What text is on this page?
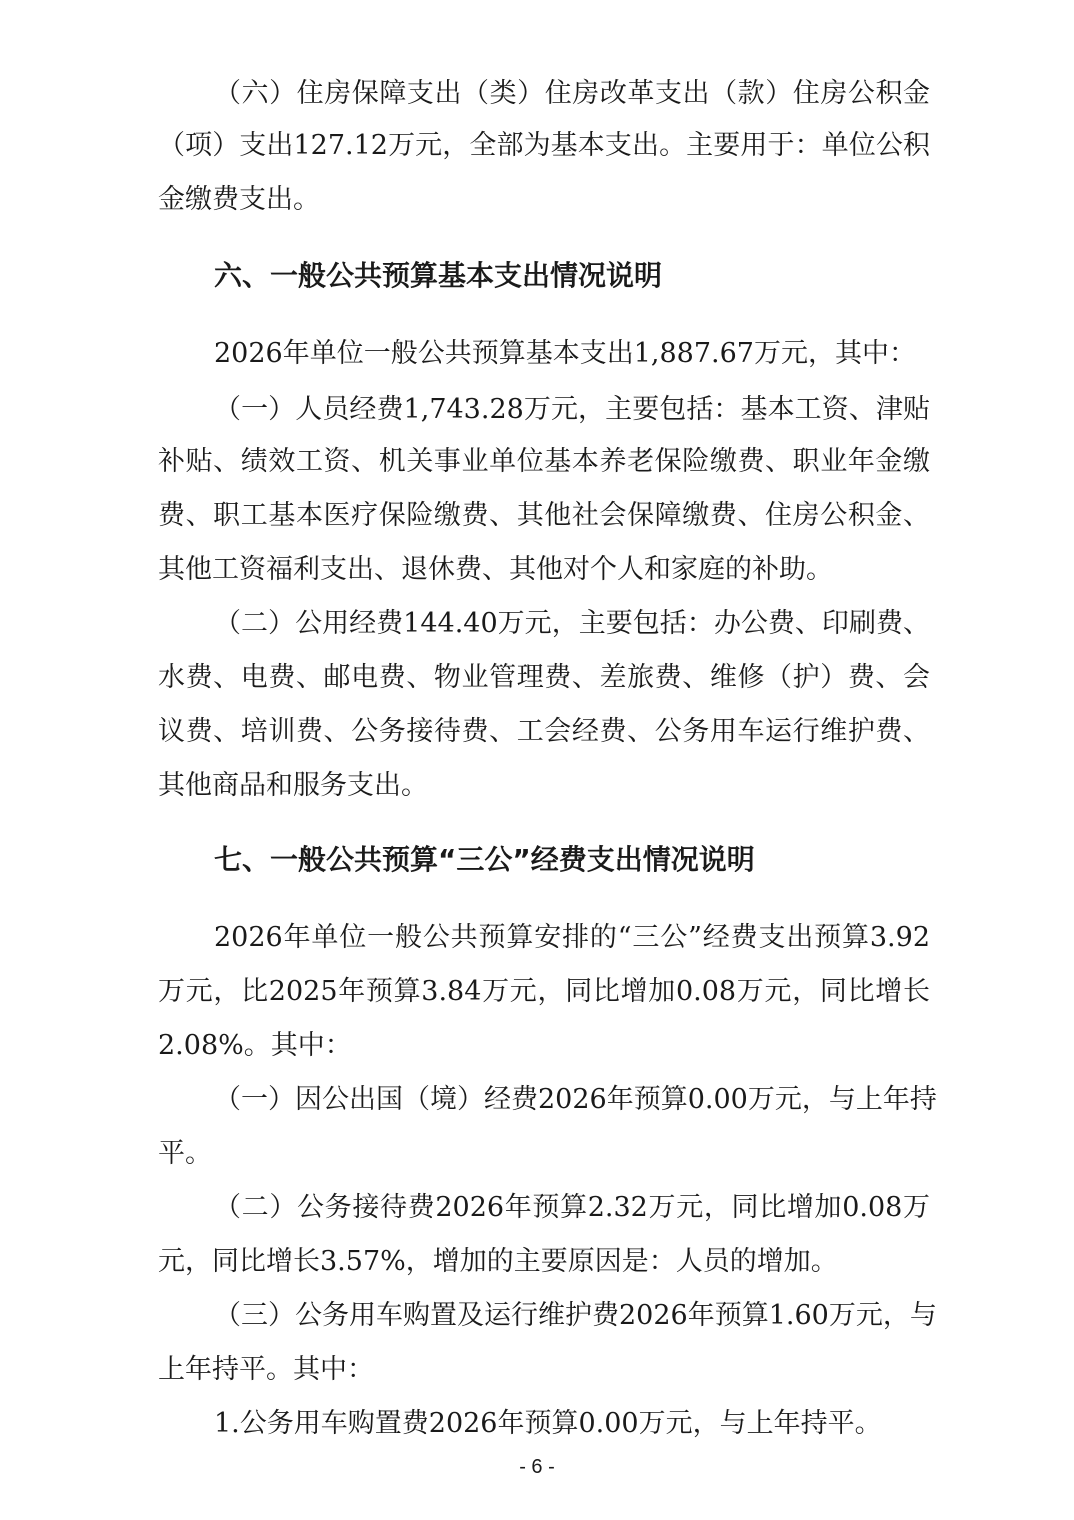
（六）住房保障支出（类）住房改革支出（款）住房公积金
（项）支出127.12万元，全部为基本支出。主要用于：单位公积
金缴费支出。
六、一般公共预算基本支出情况说明
2026年单位一般公共预算基本支出1,887.67万元，其中：
（一）人员经费1,743.28万元，主要包括：基本工资、津贴
补贴、绩效工资、机关事业单位基本养老保险缴费、职业年金缴
费、职工基本医疗保险缴费、其他社会保障缴费、住房公积金、
其他工资福利支出、退休费、其他对个人和家庭的补助。
（二）公用经费144.40万元，主要包括：办公费、印刷费、
水费、电费、邮电费、物业管理费、差旅费、维修（护）费、会
议费、培训费、公务接待费、工会经费、公务用车运行维护费、
其他商品和服务支出。
七、一般公共预算“三公”经费支出情况说明
2026年单位一般公共预算安排的“三公”经费支出预算3.92
万元，比2025年预算3.84万元，同比增加0.08万元，同比增长
2.08%。其中：
（一）因公出国（境）经费2026年预算0.00万元，与上年持
平。
（二）公务接待费2026年预算2.32万元，同比增加0.08万
元，同比增长3.57%，增加的主要原因是：人员的增加。
（三）公务用车购置及运行维护费2026年预算1.60万元，与
上年持平。其中：
1.公务用车购置费2026年预算0.00万元，与上年持平。
- 6 -
